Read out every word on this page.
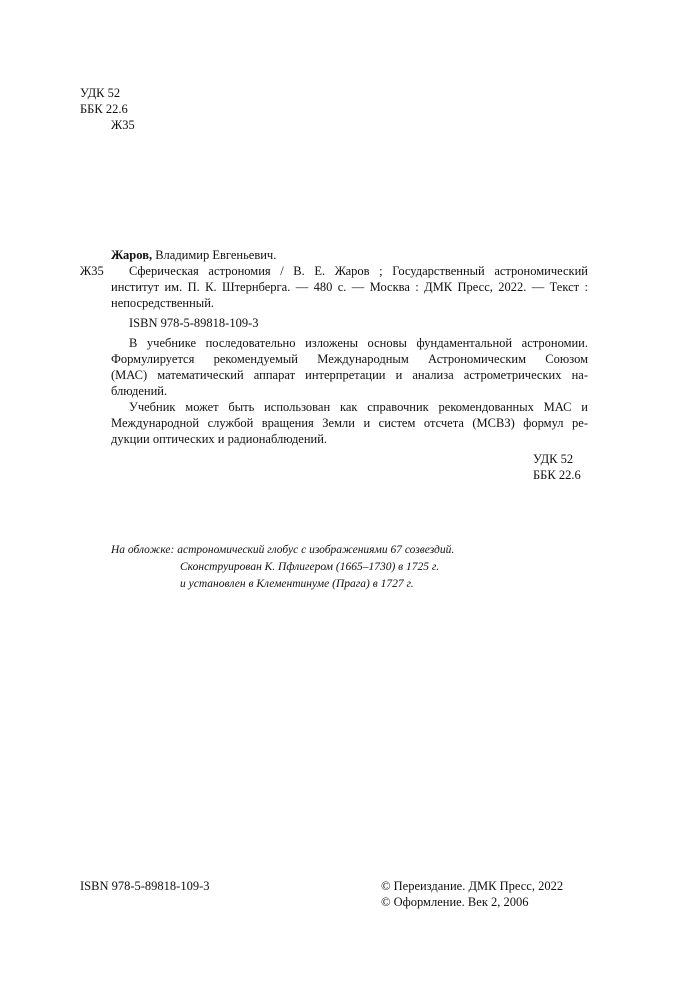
УДК 52
ББК 22.6
Ж35
Жаров, Владимир Евгеньевич.
Ж35 Сферическая астрономия / В. Е. Жаров ; Государственный астрономический
институт им. П. К. Штернберга. — 480 с. — Москва : ДМК Пресс, 2022. — Текст :
непосредственный.
ISBN 978-5-89818-109-3
В учебнике последовательно изложены основы фундаментальной астрономии.
Формулируется рекомендуемый Международным Астрономическим Союзом
(МАС) математический аппарат интерпретации и анализа астрометрических на-
блюдений.
Учебник может быть использован как справочник рекомендованных МАС и
Международной службой вращения Земли и систем отсчета (МСВЗ) формул ре-
дукции оптических и радионаблюдений.
УДК 52
ББК 22.6
На обложке: астрономический глобус с изображениями 67 созвездий.
Сконструирован К. Пфлигером (1665–1730) в 1725 г.
и установлен в Клементинуме (Прага) в 1727 г.
ISBN 978-5-89818-109-3	© Переиздание. ДМК Пресс, 2022
© Оформление. Век 2, 2006
